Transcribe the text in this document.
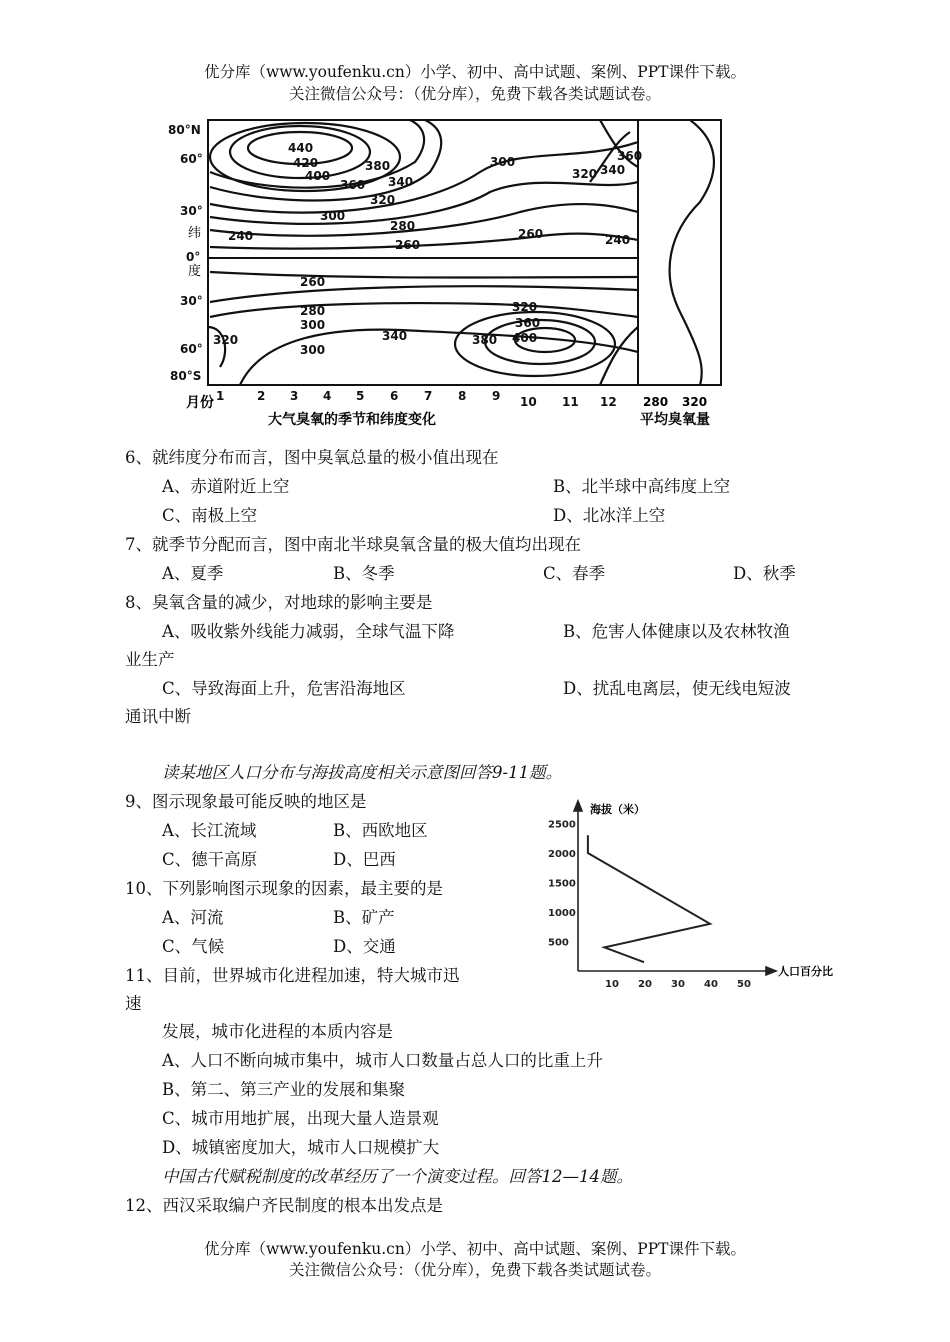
优分库（www.youfenku.cn）小学、初中、高中试题、案例、PPT课件下载。
关注微信公众号：（优分库），免费下载各类试题试卷。
440
420
400
380
360 340
320
300
280
260
240
300
320
360
340
260	240
260
280
300
320
300
340	380 400
360
320
80°N
60°
30°
0°
30°
60°
80°S
纬
度
1	2 3 4 5 6 7 8 9 10 11 12
月份
大气臭氧的季节和纬度变化
280 320
平均臭氧量
6、就纬度分布而言，图中臭氧总量的极小值出现在
A、赤道附近上空	B、北半球中高纬度上空
C、南极上空	D、北冰洋上空
7、就季节分配而言，图中南北半球臭氧含量的极大值均出现在
A、夏季	B、冬季	C、春季	D、秋季
8、臭氧含量的减少，对地球的影响主要是
A、吸收紫外线能力减弱，全球气温下降	B、危害人体健康以及农林牧渔
业生产
C、导致海面上升，危害沿海地区	D、扰乱电离层，使无线电短波
通讯中断
读某地区人口分布与海拔高度相关示意图回答9-11题。
9、图示现象最可能反映的地区是
A、长江流域	B、西欧地区
C、德干高原	D、巴西
10、下列影响图示现象的因素，最主要的是
A、河流	B、矿产
C、气候	D、交通
11、目前，世界城市化进程加速，特大城市迅
速
发展，城市化进程的本质内容是
A、人口不断向城市集中，城市人口数量占总人口的比重上升
B、第二、第三产业的发展和集聚
C、城市用地扩展，出现大量人造景观
D、城镇密度加大，城市人口规模扩大
中国古代赋税制度的改革经历了一个演变过程。回答12—14题。
12、西汉采取编户齐民制度的根本出发点是
海拔（米）
人口百分比
10 20 30 40 50
500
1000
1500
2000
2500
优分库（www.youfenku.cn）小学、初中、高中试题、案例、PPT课件下载。
关注微信公众号：（优分库），免费下载各类试题试卷。
